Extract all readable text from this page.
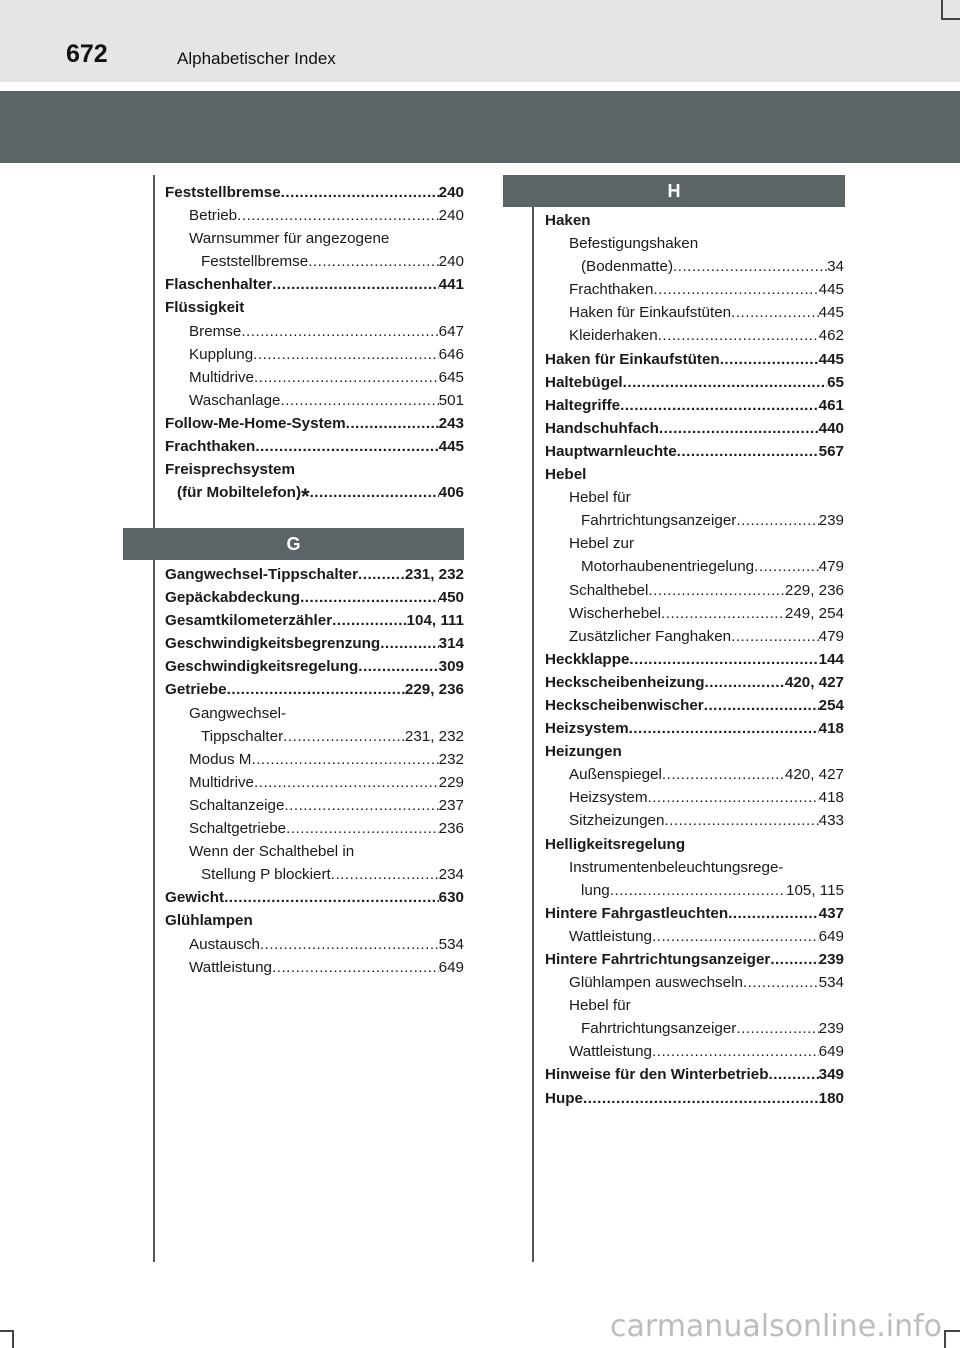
672	Alphabetischer Index
Feststellbremse .....	240
Betrieb .....	240
Warnsummer für angezogene
Feststellbremse .....	240
Flaschenhalter .....	441
Flüssigkeit
Bremse .....	647
Kupplung .....	646
Multidrive .....	645
Waschanlage .....	501
Follow-Me-Home-System .....	243
Frachthaken .....	445
Freisprechsystem
(für Mobiltelefon) * .....	406
G
Gangwechsel-Tippschalter .....	231, 232
Gepäckabdeckung .....	450
Gesamtkilometerzähler .....	104, 111
Geschwindigkeitsbegrenzung .....	314
Geschwindigkeitsregelung .....	309
Getriebe .....	229, 236
Gangwechsel-
Tippschalter .....	231, 232
Modus M .....	232
Multidrive .....	229
Schaltanzeige .....	237
Schaltgetriebe .....	236
Wenn der Schalthebel in
Stellung P blockiert .....	234
Gewicht .....	630
Glühlampen
Austausch .....	534
Wattleistung .....	649
H
Haken
Befestigungshaken
(Bodenmatte) .....	34
Frachthaken .....	445
Haken für Einkaufstüten .....	445
Kleiderhaken .....	462
Haken für Einkaufstüten .....	445
Haltebügel .....	65
Haltegriffe .....	461
Handschuhfach .....	440
Hauptwarnleuchte .....	567
Hebel
Hebel für
Fahrtrichtungsanzeiger .....	239
Hebel zur
Motorhaubenentriegelung .....	479
Schalthebel .....	229, 236
Wischerhebel .....	249, 254
Zusätzlicher Fanghaken .....	479
Heckklappe .....	144
Heckscheibenheizung .....	420, 427
Heckscheibenwischer .....	254
Heizsystem .....	418
Heizungen
Außenspiegel .....	420, 427
Heizsystem .....	418
Sitzheizungen .....	433
Helligkeitsregelung
Instrumentenbeleuchtungsrege-
lung .....	105, 115
Hintere Fahrgastleuchten .....	437
Wattleistung .....	649
Hintere Fahrtrichtungsanzeiger .....	239
Glühlampen auswechseln .....	534
Hebel für
Fahrtrichtungsanzeiger .....	239
Wattleistung .....	649
Hinweise für den Winterbetrieb .....	349
Hupe .....	180
carmanualsonline.info
